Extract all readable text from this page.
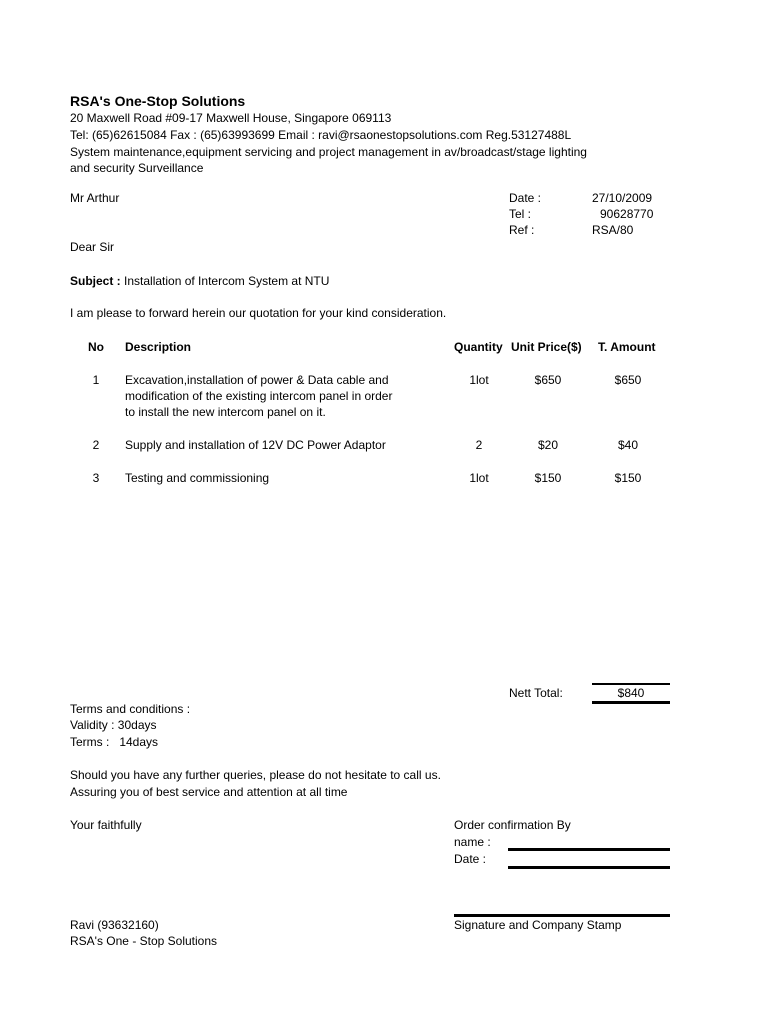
RSA's One-Stop Solutions
20 Maxwell Road #09-17 Maxwell House, Singapore 069113
Tel: (65)62615084 Fax : (65)63993699 Email : ravi@rsaonestopsolutions.com Reg.53127488L
System maintenance,equipment servicing and project management in av/broadcast/stage lighting
and security Surveillance
Mr Arthur	Date :	27/10/2009
Tel :	90628770
Ref :	RSA/80
Dear Sir
Subject : Installation of Intercom System at NTU
I am please to forward herein our quotation for your kind consideration.
No Description	Quantity Unit Price($) T. Amount
1	Excavation,installation of power & Data cable and
modification of the existing intercom panel in order
to install the new intercom panel on it.
1lot	$650	$650
2	Supply and installation of 12V DC Power Adaptor	2	$20	$40
3	Testing and commissioning	1lot	$150	$150
Nett Total:	$840
Terms and conditions :
Validity : 30days
Terms :   14days
Should you have any further queries, please do not hesitate to call us.
Assuring you of best service and attention at all time
Your faithfully	Order confirmation By
name :
Date :
Signature and Company Stamp
Ravi (93632160)
RSA's One - Stop Solutions
